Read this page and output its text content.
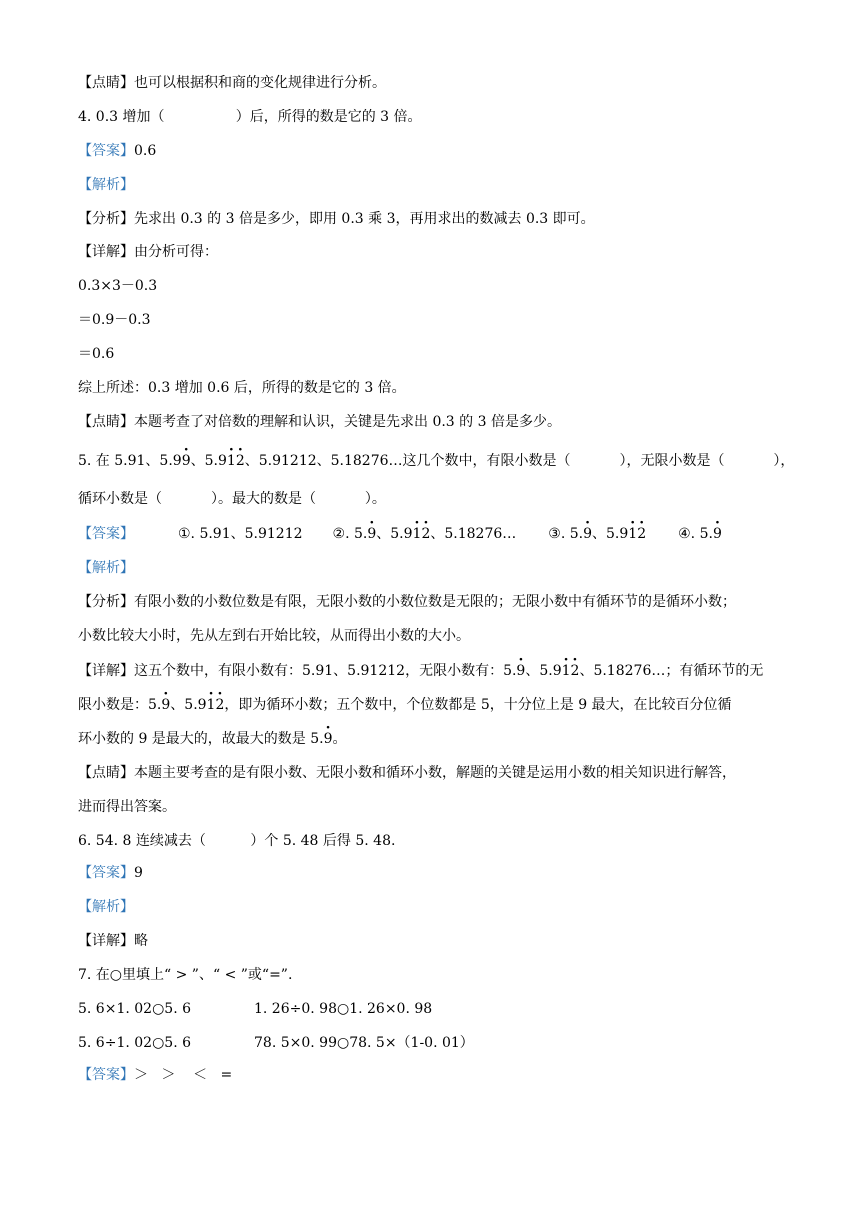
【点睛】也可以根据积和商的变化规律进行分析。
4. 0.3 增加（                ）后，所得的数是它的 3 倍。
【答案】0.6
【解析】
【分析】先求出 0.3 的 3 倍是多少，即用 0.3 乘 3，再用求出的数减去 0.3 即可。
【详解】由分析可得：
0.3×3－0.3
＝0.9－0.3
＝0.6
综上所述：0.3 增加 0.6 后，所得的数是它的 3 倍。
【点睛】本题考查了对倍数的理解和认识，关键是先求出 0.3 的 3 倍是多少。
5. 在 5.91、5.9· 9、5.9· 1· 2、5.91212、5.18276…这几个数中，有限小数是（           ），无限小数是（           ），
循环小数是（           ）。最大的数是（           ）。
【答案】	①. 5.91、5.91212 ②. 5.· 9、5.9· 1· 2、5.18276… ③. 5.· 9、5.9· 1· 2 ④. 5.· 9
【解析】
【分析】有限小数的小数位数是有限，无限小数的小数位数是无限的；无限小数中有循环节的是循环小数；
小数比较大小时，先从左到右开始比较，从而得出小数的大小。
【详解】这五个数中，有限小数有：5.91、5.91212，无限小数有：5.· 9、5.9· 1· 2、5.18276…；有循环节的无
限小数是：5.· 9、5.9· 1· 2，即为循环小数；五个数中，个位数都是 5，十分位上是 9 最大，在比较百分位循
环小数的 9 是最大的，故最大的数是 5.· 9。
【点睛】本题主要考查的是有限小数、无限小数和循环小数，解题的关键是运用小数的相关知识进行解答，
进而得出答案。
6. 54. 8 连续减去（          ）个 5. 48 后得 5. 48.
【答案】9
【解析】
【详解】略
7. 在○里填上“ > ”、“ < ”或“=”.
5. 6×1. 02○5. 6	1. 26÷0. 98○1. 26×0. 98
5. 6÷1. 02○5. 6	78. 5×0. 99○78. 5×（1-0. 01）
【答案】＞   ＞    ＜   =
